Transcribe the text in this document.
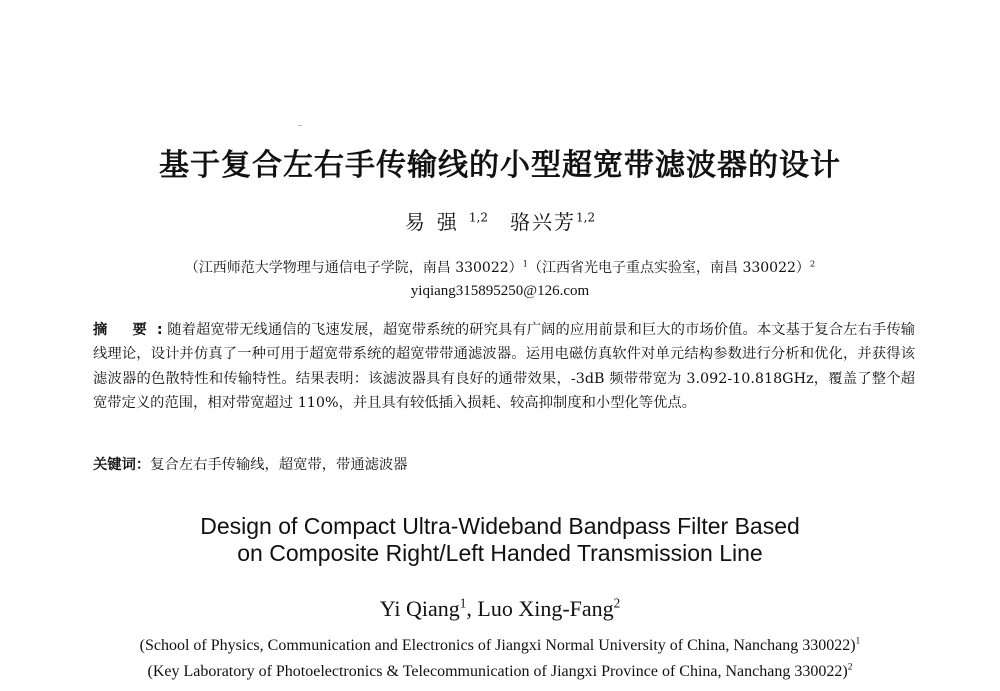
基于复合左右手传输线的小型超宽带滤波器的设计
易强$^{1,2}$ 骆兴芳$^{1,2}$
（江西师范大学物理与通信电子学院，南昌 330022）$^1$（江西省光电子重点实验室，南昌 330022）$^2$
yiqiang315895250@126.com
摘 要: 随着超宽带无线通信的飞速发展，超宽带系统的研究具有广阔的应用前景和巨大的市场价值。本文基于复合左右手传输线理论，设计并仿真了一种可用于超宽带系统的超宽带带通滤波器。运用电磁仿真软件对单元结构参数进行分析和优化，并获得该滤波器的色散特性和传输特性。结果表明：该滤波器具有良好的通带效果，-3dB 频带带宽为 3.092-10.818GHz，覆盖了整个超宽带定义的范围，相对带宽超过 110%，并且具有较低插入损耗、较高抑制度和小型化等优点。
关键词：复合左右手传输线，超宽带，带通滤波器
Design of Compact Ultra-Wideband Bandpass Filter Based
on Composite Right/Left Handed Transmission Line
Yi Qiang$^1$, Luo Xing-Fang$^2$
(School of Physics, Communication and Electronics of Jiangxi Normal University of China, Nanchang 330022)$^1$
(Key Laboratory of Photoelectronics & Telecommunication of Jiangxi Province of China, Nanchang 330022)$^2$
